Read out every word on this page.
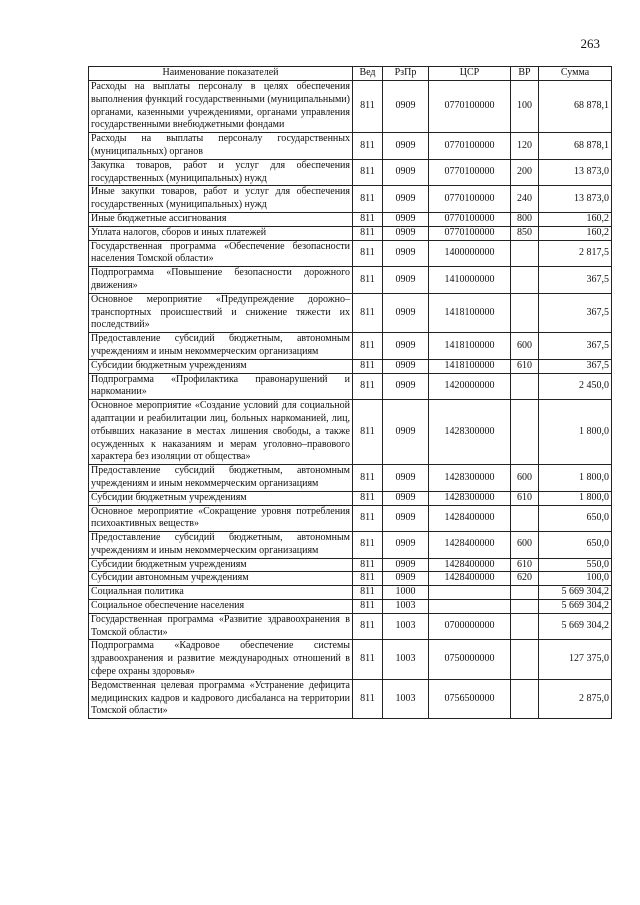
263
Наименование показателей	Вед	РзПр	ЦСР	ВР	Сумма
Расходы на выплаты персоналу в целях обеспечения выполнения функций государственными (муниципальными) органами, казенными учреждениями, органами управления государственными внебюджетными фондами	811	0909	0770100000	100	68 878,1
Расходы на выплаты персоналу государственных (муниципальных) органов	811	0909	0770100000	120	68 878,1
Закупка товаров, работ и услуг для обеспечения государственных (муниципальных) нужд	811	0909	0770100000	200	13 873,0
Иные закупки товаров, работ и услуг для обеспечения государственных (муниципальных) нужд	811	0909	0770100000	240	13 873,0
Иные бюджетные ассигнования	811	0909	0770100000	800	160,2
Уплата налогов, сборов и иных платежей	811	0909	0770100000	850	160,2
Государственная программа «Обеспечение безопасности населения Томской области»	811	0909	1400000000		2 817,5
Подпрограмма «Повышение безопасности дорожного движения»	811	0909	1410000000		367,5
Основное мероприятие «Предупреждение дорожно–транспортных происшествий и снижение тяжести их последствий»	811	0909	1418100000		367,5
Предоставление субсидий бюджетным, автономным учреждениям и иным некоммерческим организациям	811	0909	1418100000	600	367,5
Субсидии бюджетным учреждениям	811	0909	1418100000	610	367,5
Подпрограмма «Профилактика правонарушений и наркомании»	811	0909	1420000000		2 450,0
Основное мероприятие «Создание условий для социальной адаптации и реабилитации лиц, больных наркоманией, лиц, отбывших наказание в местах лишения свободы, а также осужденных к наказаниям и мерам уголовно–правового характера без изоляции от общества»	811	0909	1428300000		1 800,0
Предоставление субсидий бюджетным, автономным учреждениям и иным некоммерческим организациям	811	0909	1428300000	600	1 800,0
Субсидии бюджетным учреждениям	811	0909	1428300000	610	1 800,0
Основное мероприятие «Сокращение уровня потребления психоактивных веществ»	811	0909	1428400000		650,0
Предоставление субсидий бюджетным, автономным учреждениям и иным некоммерческим организациям	811	0909	1428400000	600	650,0
Субсидии бюджетным учреждениям	811	0909	1428400000	610	550,0
Субсидии автономным учреждениям	811	0909	1428400000	620	100,0
Социальная политика	811	1000			5 669 304,2
Социальное обеспечение населения	811	1003			5 669 304,2
Государственная программа «Развитие здравоохранения в Томской области»	811	1003	0700000000		5 669 304,2
Подпрограмма «Кадровое обеспечение системы здравоохранения и развитие международных отношений в сфере охраны здоровья»	811	1003	0750000000		127 375,0
Ведомственная целевая программа «Устранение дефицита медицинских кадров и кадрового дисбаланса на территории Томской области»	811	1003	0756500000		2 875,0
